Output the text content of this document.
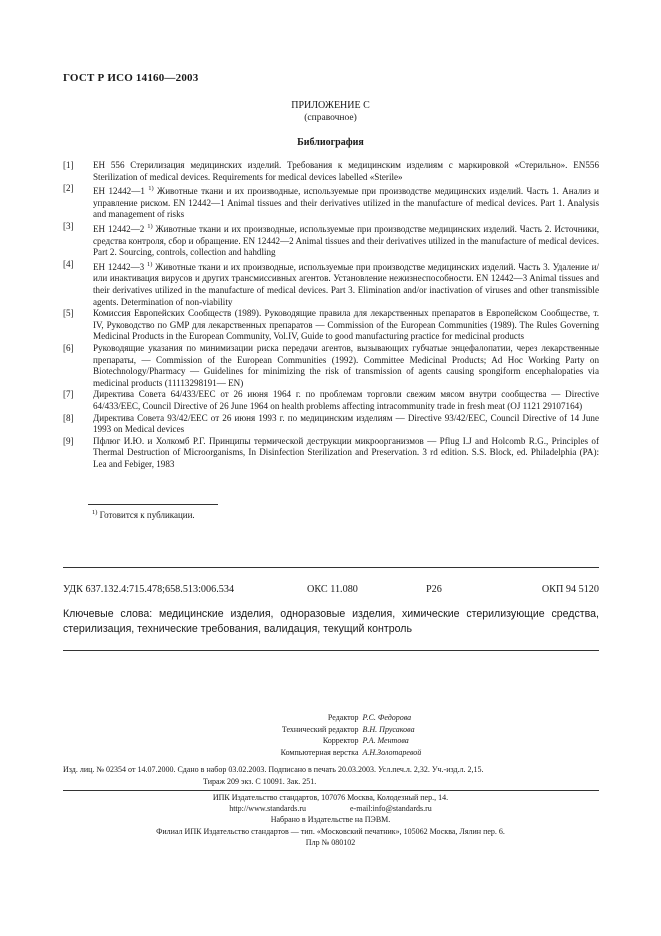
ГОСТ Р ИСО 14160—2003
ПРИЛОЖЕНИЕ С
(справочное)
Библиография
[1]	ЕН 556 Стерилизация медицинских изделий. Требования к медицинским изделиям с маркировкой «Стерильно». EN556 Sterilization of medical devices. Requirements for medical devices labelled «Sterile»
[2]	ЕН 12442—1 $^{1)}$ Животные ткани и их производные, используемые при производстве медицинских изделий. Часть 1. Анализ и управление риском. EN 12442—1 Animal tissues and their derivatives utilized in the manufacture of medical devices. Part 1. Analysis and management of risks
[3]	ЕН 12442—2 $^{1)}$ Животные ткани и их производные, используемые при производстве медицинских изделий. Часть 2. Источники, средства контроля, сбор и обращение. EN 12442—2 Animal tissues and their derivatives utilized in the manufacture of medical devices. Part 2. Sourcing, controls, collection and hahdling
[4]	ЕН 12442—3 $^{1)}$ Животные ткани и их производные, используемые при производстве медицинских изделий. Часть 3. Удаление и/или инактивация вирусов и других трансмиссивных агентов. Установление нежизнеспособности. EN 12442—3 Animal tissues and their derivatives utilized in the manufacture of medical devices. Part 3. Elimination and/or inactivation of viruses and other transmissible agents. Determination of non-viability
[5]	Комиссия Европейских Сообществ (1989). Руководящие правила для лекарственных препаратов в Европейском Сообществе, т. IV, Руководство по GMP для лекарственных препаратов — Commission of the European Communities (1989). The Rules Governing Medicinal Products in the European Community, Vol.IV, Guide to good manufacturing practice for medicinal products
[6]	Руководящие указания по минимизации риска передачи агентов, вызывающих губчатые энцефалопатии, через лекарственные препараты, — Commission of the European Communities (1992). Committee Medicinal Products; Ad Hoc Working Party on Biotechnology/Pharmacy — Guidelines for minimizing the risk of transmission of agents causing spongiform encephalopaties via medicinal products (11113298191— EN)
[7]	Директива Совета 64/433/ЕЕС от 26 июня 1964 г. по проблемам торговли свежим мясом внутри сообщества — Directive 64/433/EEC, Council Directive of 26 June 1964 on health problems affecting intracommunity trade in fresh meat (OJ 1121 29107164)
[8]	Директива Совета 93/42/ЕЕС от 26 июня 1993 г. по медицинским изделиям — Directive 93/42/EEC, Council Directive of 14 June 1993 on Medical devices
[9]	Пфлюг И.Ю. и Холкомб Р.Г. Принципы термической деструкции микроорганизмов — Pflug I.J and Holcomb R.G., Principles of Thermal Destruction of Microorganisms, In Disinfection Sterilization and Preservation. 3 rd edition. S.S. Block, ed. Philadelphia (PA): Lea and Febiger, 1983
$^{1)}$ Готовится к публикации.
УДК 637.132.4:715.478;658.513:006.534	ОКС 11.080	Р26	ОКП 94 5120
Ключевые слова: медицинские изделия, одноразовые изделия, химические стерилизующие средства, стерилизация, технические требования, валидация, текущий контроль
Редактор Р.С. Федорова
Технический редактор В.Н. Прусакова
Корректор Р.А. Ментова
Компьютерная верстка А.Н.Золотаревой
Изд. лиц. № 02354 от 14.07.2000. Сдано в набор 03.02.2003. Подписано в печать 20.03.2003. Усл.печ.л. 2,32. Уч.-изд.л. 2,15.
Тираж 209 экз. С 10091. Зак. 251.
ИПК Издательство стандартов, 107076 Москва, Колодезный пер., 14.
http://www.standards.ru	e-mail:info@standards.ru
Набрано в Издательстве на ПЭВМ.
Филиал ИПК Издательство стандартов — тип. «Московский печатник», 105062 Москва, Лялин пер. 6.
Плр № 080102
